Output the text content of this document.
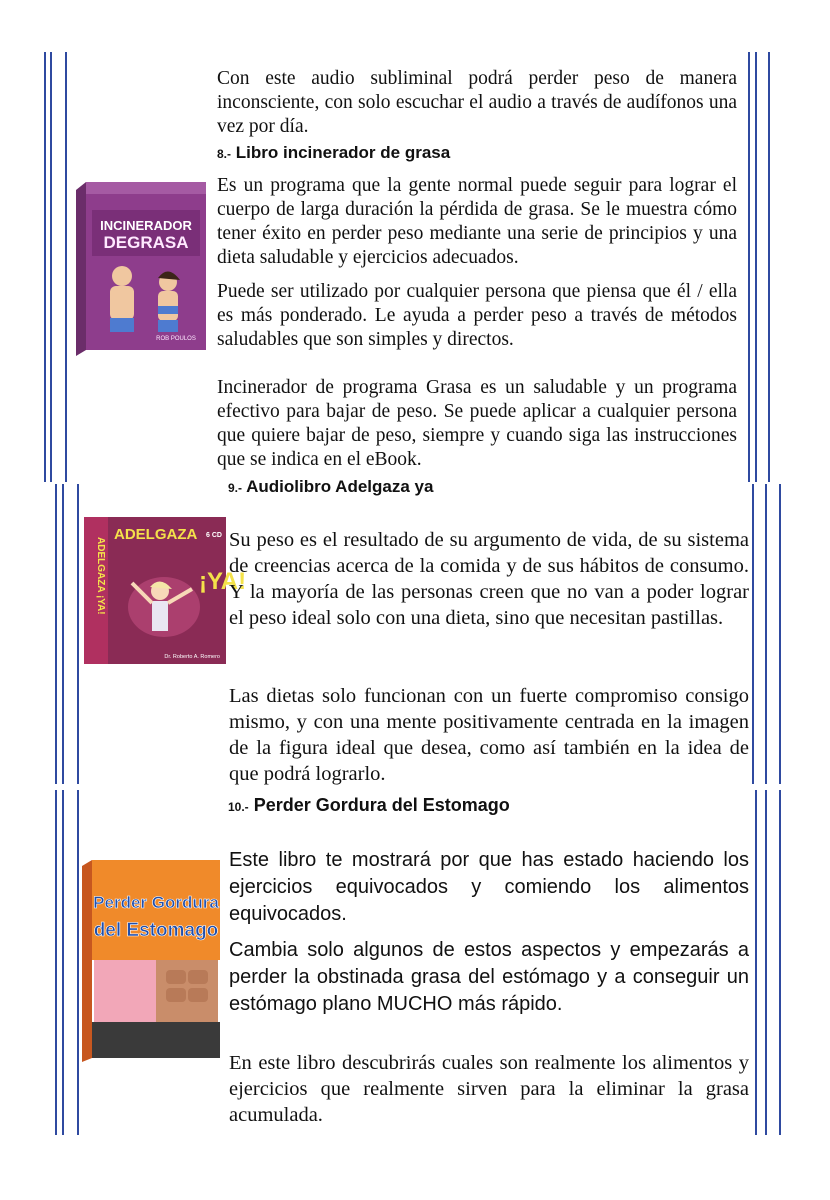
Con este audio subliminal podrá perder peso de manera inconsciente, con solo escuchar el audio a través de audífonos una vez por día.

8.- Libro incinerador de grasa
INCINERADOR
DEGRASA
ROB POULOS

Es un programa que la gente normal puede seguir para lograr el cuerpo de larga duración la pérdida de grasa. Se le muestra cómo tener éxito en perder peso mediante una serie de principios y una dieta saludable y ejercicios adecuados.

Puede ser utilizado por cualquier persona que piensa que él / ella es más ponderado. Le ayuda a perder peso a través de métodos saludables que son simples y directos.

Incinerador de programa Grasa es un saludable y un programa efectivo para bajar de peso. Se puede aplicar a cualquier persona que quiere bajar de peso, siempre y cuando siga las instrucciones que se indica en el eBook.

9.- Audiolibro Adelgaza ya
ADELGAZA ¡YA!
ADELGAZA 6 CD
¡YA!
Dr. Roberto A. Romero

Su peso es el resultado de su argumento de vida, de su sistema de creencias acerca de la comida y de sus hábitos de consumo. Y la mayoría de las personas creen que no van a poder lograr el peso ideal solo con una dieta, sino que necesitan pastillas.

Las dietas solo funcionan con un fuerte compromiso consigo mismo, y con una mente positivamente centrada en la imagen de la figura ideal que desea, como así también en la idea de que podrá lograrlo.

10.- Perder Gordura del Estomago
Perder Gordura
del Estomago

Este libro te mostrará por que has estado haciendo los ejercicios equivocados y comiendo los alimentos equivocados.

Cambia solo algunos de estos aspectos y empezarás a perder la obstinada grasa del estómago y a conseguir un estómago plano MUCHO más rápido.

En este libro descubrirás cuales son realmente los alimentos y ejercicios que realmente sirven para la eliminar la grasa acumulada.
